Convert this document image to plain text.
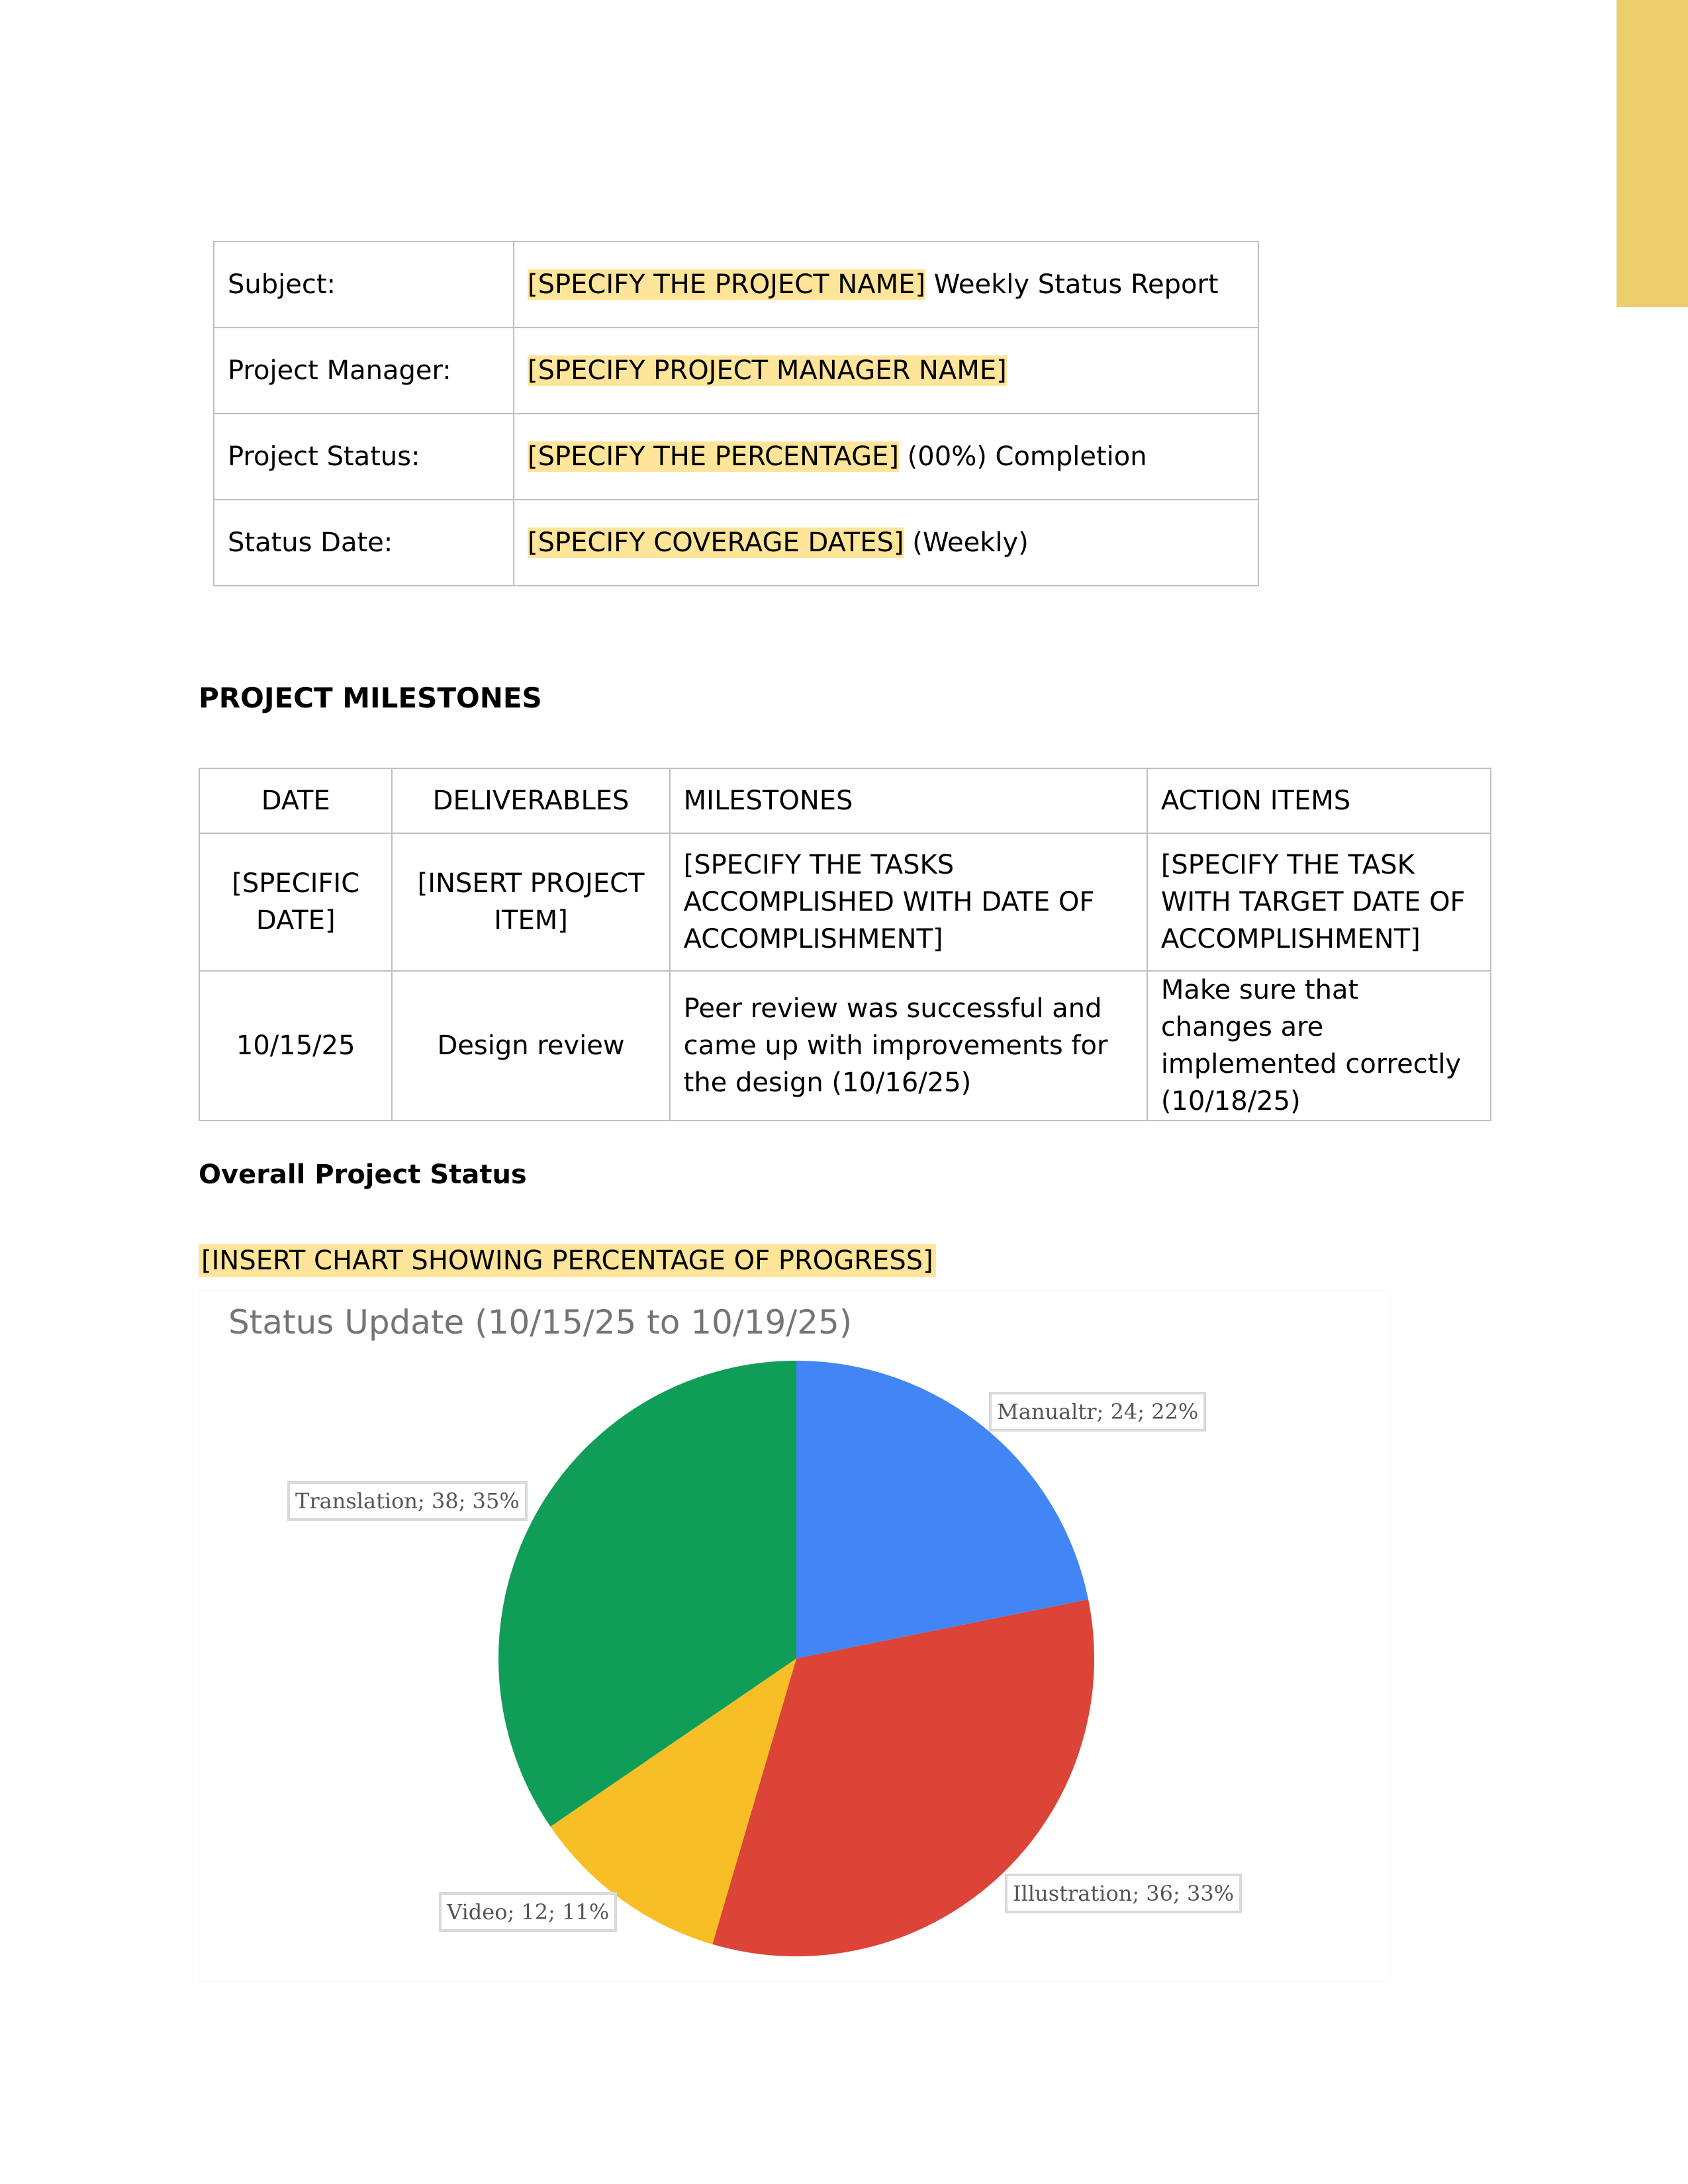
Subject:	[SPECIFY THE PROJECT NAME] Weekly Status Report
Project Manager:	[SPECIFY PROJECT MANAGER NAME]
Project Status:	[SPECIFY THE PERCENTAGE] (00%) Completion
Status Date:	[SPECIFY COVERAGE DATES] (Weekly)
PROJECT MILESTONES
DATE	DELIVERABLES	MILESTONES	ACTION ITEMS
[SPECIFIC DATE]	[INSERT PROJECT ITEM]	[SPECIFY THE TASKS ACCOMPLISHED WITH DATE OF ACCOMPLISHMENT]	[SPECIFY THE TASK WITH TARGET DATE OF ACCOMPLISHMENT]
10/15/25	Design review	Peer review was successful and came up with improvements for the design (10/16/25)	Make sure that changes are implemented correctly (10/18/25)
Overall Project Status
[INSERT CHART SHOWING PERCENTAGE OF PROGRESS]
Status Update (10/15/25 to 10/19/25)
Manualtr; 24; 22%
Illustration; 36; 33%
Video; 12; 11%
Translation; 38; 35%
